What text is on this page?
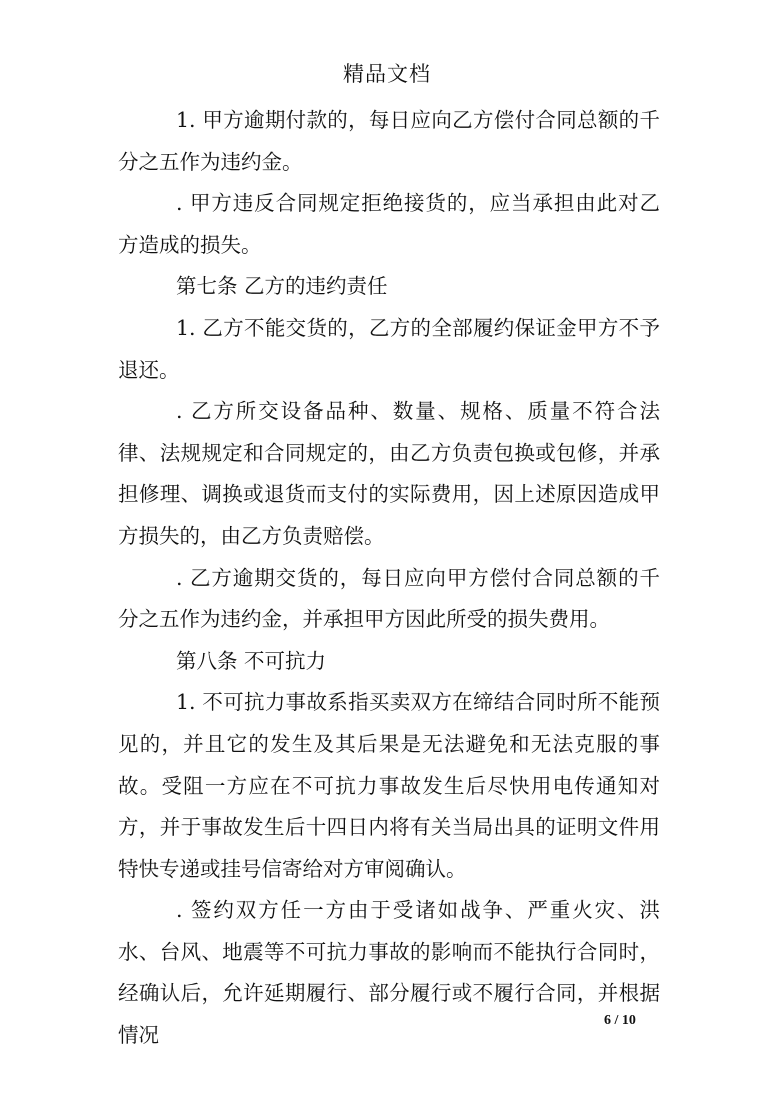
精品文档

1. 甲方逾期付款的，每日应向乙方偿付合同总额的千分之五作为违约金。

. 甲方违反合同规定拒绝接货的，应当承担由此对乙方造成的损失。

第七条 乙方的违约责任

1. 乙方不能交货的，乙方的全部履约保证金甲方不予退还。

. 乙方所交设备品种、数量、规格、质量不符合法律、法规规定和合同规定的，由乙方负责包换或包修，并承担修理、调换或退货而支付的实际费用，因上述原因造成甲方损失的，由乙方负责赔偿。

. 乙方逾期交货的，每日应向甲方偿付合同总额的千分之五作为违约金，并承担甲方因此所受的损失费用。

第八条 不可抗力

1. 不可抗力事故系指买卖双方在缔结合同时所不能预见的，并且它的发生及其后果是无法避免和无法克服的事故。受阻一方应在不可抗力事故发生后尽快用电传通知对方，并于事故发生后十四日内将有关当局出具的证明文件用特快专递或挂号信寄给对方审阅确认。

. 签约双方任一方由于受诸如战争、严重火灾、洪水、台风、地震等不可抗力事故的影响而不能执行合同时，经确认后，允许延期履行、部分履行或不履行合同，并根据情况

6 / 10
